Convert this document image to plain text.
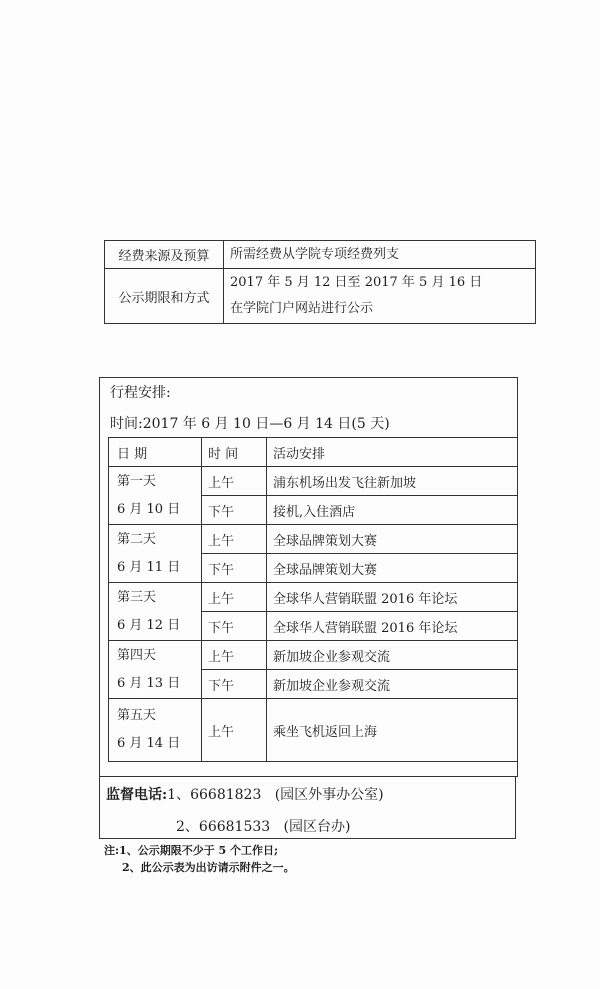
经费来源及预算	所需经费从学院专项经费列支

公示期限和方式	2017 年 5 月 12 日至 2017 年 5 月 16 日
在学院门户网站进行公示
行程安排:
时间:2017 年 6 月 10 日—6 月 14 日(5 天)
日 期	时 间	活动安排

第一天
6 月 10 日	上午	浦东机场出发飞往新加坡
	下午	接机,入住酒店

第二天
6 月 11 日	上午	全球品牌策划大赛
	下午	全球品牌策划大赛

第三天
6 月 12 日	上午	全球华人营销联盟 2016 年论坛
	下午	全球华人营销联盟 2016 年论坛

第四天
6 月 13 日	上午	新加坡企业参观交流
	下午	新加坡企业参观交流

第五天
6 月 14 日	上午	乘坐飞机返回上海
监督电话:1、66681823 (园区外事办公室)
2、66681533 (园区台办)
注:1、公示期限不少于 5 个工作日;
2、此公示表为出访请示附件之一。
